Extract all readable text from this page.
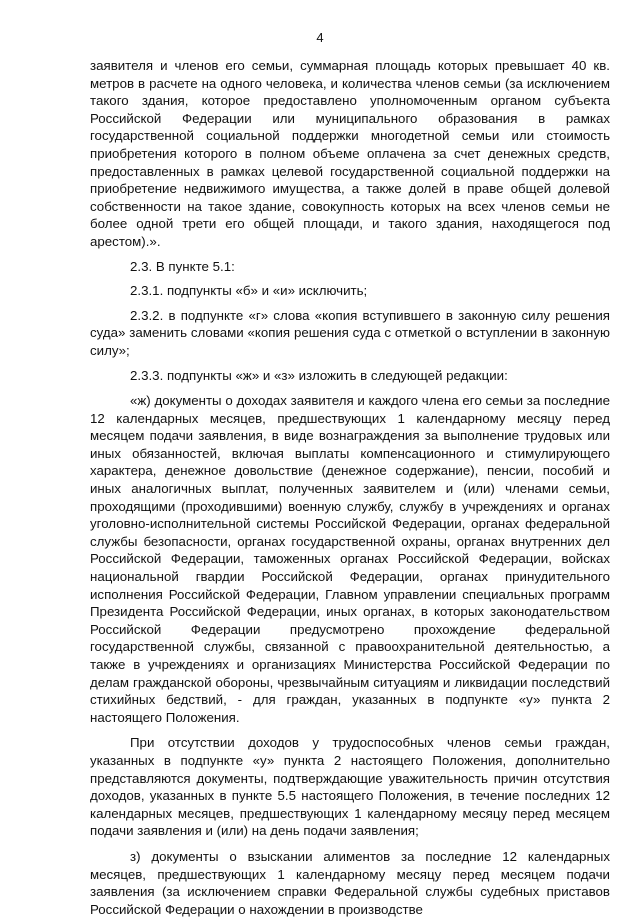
4

заявителя и членов его семьи, суммарная площадь которых превышает 40 кв. метров в расчете на одного человека, и количества членов семьи (за исключением такого здания, которое предоставлено уполномоченным органом субъекта Российской Федерации или муниципального образования в рамках государственной социальной поддержки многодетной семьи или стоимость приобретения которого в полном объеме оплачена за счет денежных средств, предоставленных в рамках целевой государственной социальной поддержки на приобретение недвижимого имущества, а также долей в праве общей долевой собственности на такое здание, совокупность которых на всех членов семьи не более одной трети его общей площади, и такого здания, находящегося под арестом).».

2.3. В пункте 5.1:

2.3.1. подпункты «б» и «и» исключить;

2.3.2. в подпункте «г» слова «копия вступившего в законную силу решения суда» заменить словами «копия решения суда с отметкой о вступлении в законную силу»;

2.3.3. подпункты «ж» и «з» изложить в следующей редакции:

«ж) документы о доходах заявителя и каждого члена его семьи за последние 12 календарных месяцев, предшествующих 1 календарному месяцу перед месяцем подачи заявления, в виде вознаграждения за выполнение трудовых или иных обязанностей, включая выплаты компенсационного и стимулирующего характера, денежное довольствие (денежное содержание), пенсии, пособий и иных аналогичных выплат, полученных заявителем и (или) членами семьи, проходящими (проходившими) военную службу, службу в учреждениях и органах уголовно-исполнительной системы Российской Федерации, органах федеральной службы безопасности, органах государственной охраны, органах внутренних дел Российской Федерации, таможенных органах Российской Федерации, войсках национальной гвардии Российской Федерации, органах принудительного исполнения Российской Федерации, Главном управлении специальных программ Президента Российской Федерации, иных органах, в которых законодательством Российской Федерации предусмотрено прохождение федеральной государственной службы, связанной с правоохранительной деятельностью, а также в учреждениях и организациях Министерства Российской Федерации по делам гражданской обороны, чрезвычайным ситуациям и ликвидации последствий стихийных бедствий, - для граждан, указанных в подпункте «у» пункта 2 настоящего Положения.

При отсутствии доходов у трудоспособных членов семьи граждан, указанных в подпункте «у» пункта 2 настоящего Положения, дополнительно представляются документы, подтверждающие уважительность причин отсутствия доходов, указанных в пункте 5.5 настоящего Положения, в течение последних 12 календарных месяцев, предшествующих 1 календарному месяцу перед месяцем подачи заявления и (или) на день подачи заявления;

з) документы о взыскании алиментов за последние 12 календарных месяцев, предшествующих 1 календарному месяцу перед месяцем подачи заявления (за исключением справки Федеральной службы судебных приставов Российской Федерации о нахождении в производстве
